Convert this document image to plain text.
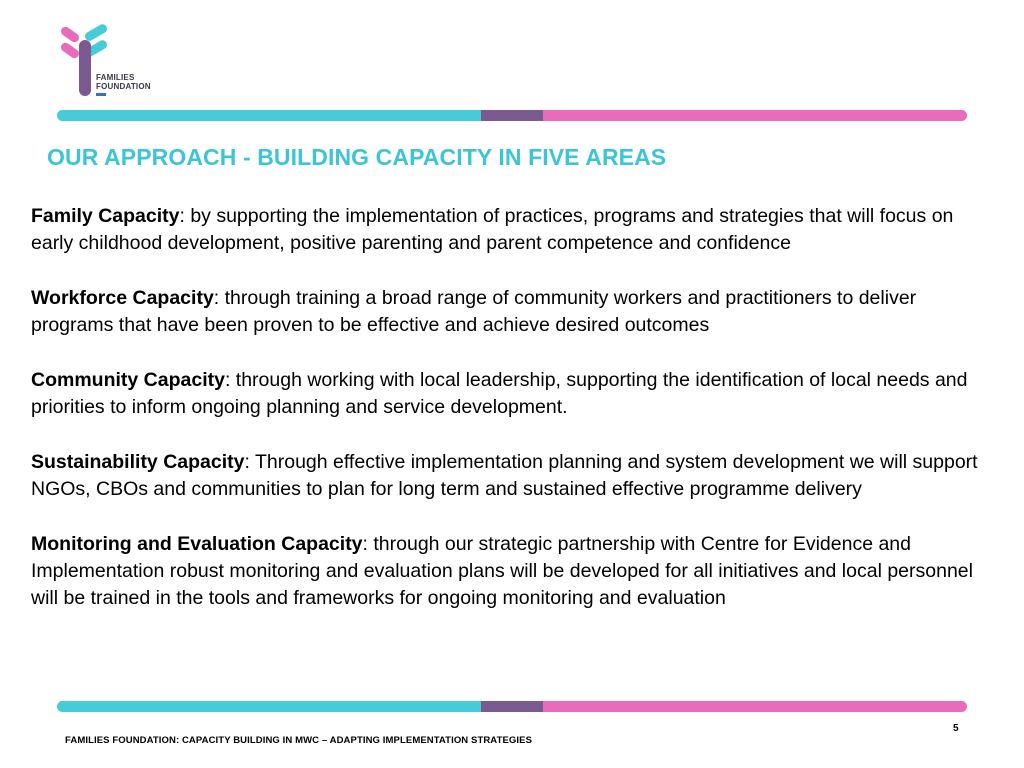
FAMILIES
FOUNDATION
OUR APPROACH - BUILDING CAPACITY IN FIVE AREAS

Family Capacity: by supporting the implementation of practices, programs and strategies that will focus on early childhood development, positive parenting and parent competence and confidence

Workforce Capacity: through training a broad range of community workers and practitioners to deliver programs that have been proven to be effective and achieve desired outcomes

Community Capacity: through working with local leadership, supporting the identification of local needs and priorities to inform ongoing planning and service development.

Sustainability Capacity: Through effective implementation planning and system development we will support NGOs, CBOs and communities to plan for long term and sustained effective programme delivery

Monitoring and Evaluation Capacity: through our strategic partnership with Centre for Evidence and Implementation robust monitoring and evaluation plans will be developed for all initiatives and local personnel will be trained in the tools and frameworks for ongoing monitoring and evaluation

5
FAMILIES FOUNDATION: CAPACITY BUILDING IN MWC – ADAPTING IMPLEMENTATION STRATEGIES
